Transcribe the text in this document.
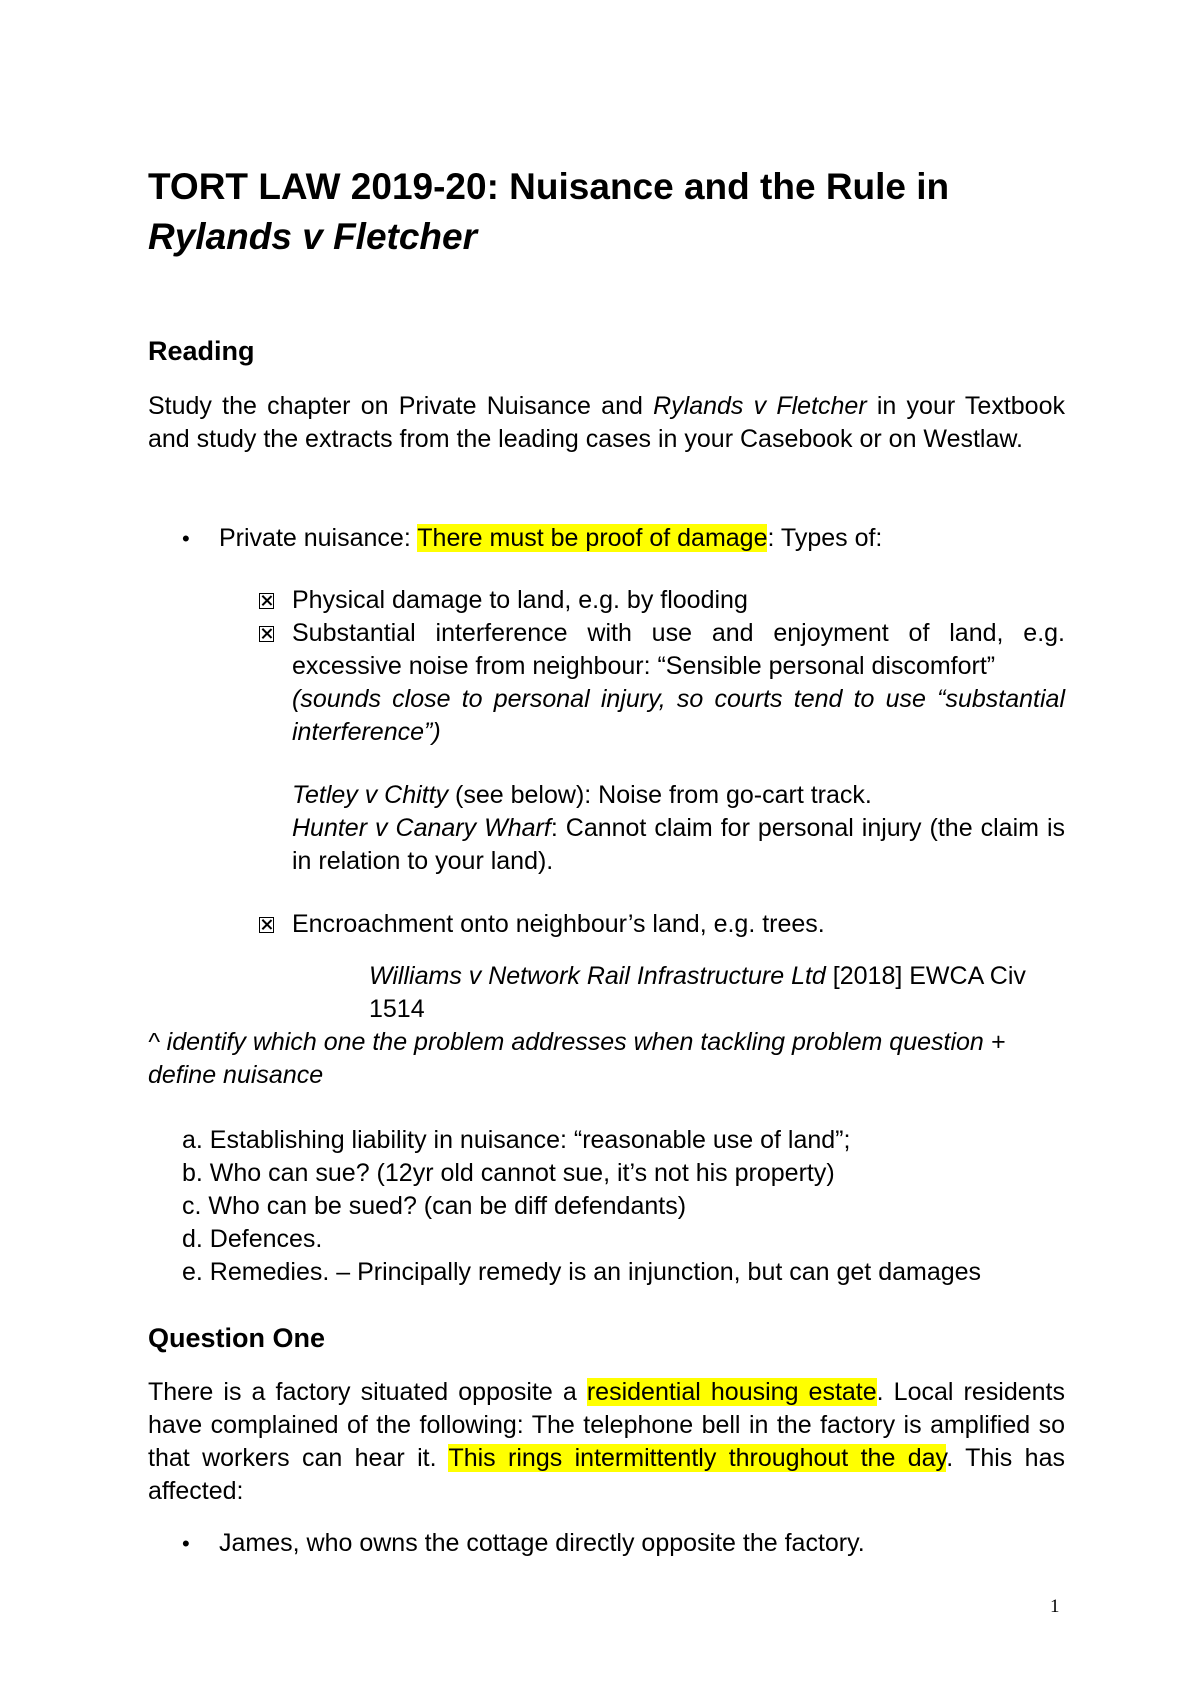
TORT LAW 2019-20: Nuisance and the Rule in
Rylands v Fletcher
Reading
Study the chapter on Private Nuisance and Rylands v Fletcher in your Textbook and study the extracts from the leading cases in your Casebook or on Westlaw.
•	Private nuisance: There must be proof of damage: Types of:
Physical damage to land, e.g. by flooding
Substantial interference with use and enjoyment of land, e.g. excessive noise from neighbour: “Sensible personal discomfort”
(sounds close to personal injury, so courts tend to use “substantial interference”)
Tetley v Chitty (see below): Noise from go-cart track.
Hunter v Canary Wharf: Cannot claim for personal injury (the claim is in relation to your land).
Encroachment onto neighbour’s land, e.g. trees.
Williams v Network Rail Infrastructure Ltd [2018] EWCA Civ 1514
^ identify which one the problem addresses when tackling problem question + define nuisance
a. Establishing liability in nuisance: “reasonable use of land”;
b. Who can sue? (12yr old cannot sue, it’s not his property)
c. Who can be sued? (can be diff defendants)
d. Defences.
e. Remedies. – Principally remedy is an injunction, but can get damages
Question One
There is a factory situated opposite a residential housing estate. Local residents have complained of the following: The telephone bell in the factory is amplified so that workers can hear it. This rings intermittently throughout the day. This has affected:
•	James, who owns the cottage directly opposite the factory.
1
